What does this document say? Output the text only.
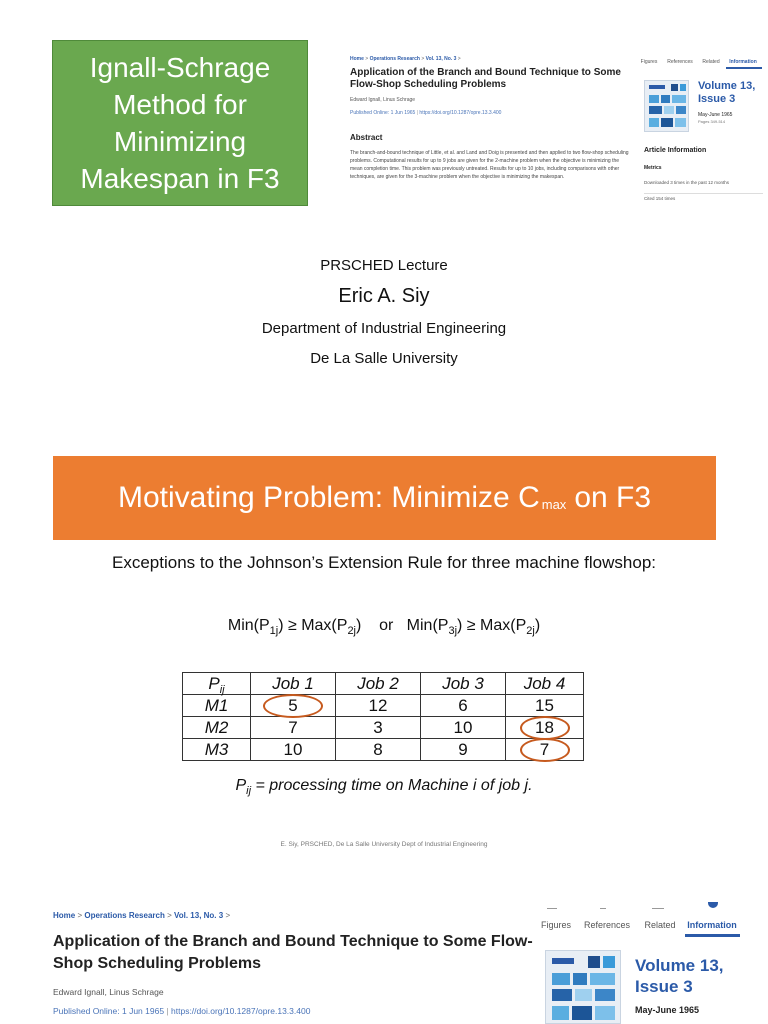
Ignall-Schrage
Method for
Minimizing
Makespan in F3
Home > Operations Research > Vol. 13, No. 3 >
Application of the Branch and Bound Technique to Some Flow-Shop Scheduling Problems
Edward Ignall, Linus Schrage
Published Online: 1 Jun 1965 | https://doi.org/10.1287/opre.13.3.400
Abstract
The branch-and-bound technique of Little, et al. and Land and Doig is presented and then applied to two flow-shop scheduling problems. Computational results for up to 9 jobs are given for the 2-machine problem when the objective is minimizing the mean completion time. This problem was previously untreated. Results for up to 10 jobs, including comparisons with other techniques, are given for the 3-machine problem when the objective is minimizing the makespan.
Figures	References	Related	Information
Volume 13,
Issue 3
May-June 1965
Pages 349-514
Article Information
Metrics
Downloaded 3 times in the past 12 months
Cited 154 times
PRSCHED Lecture
Eric A. Siy
Department of Industrial Engineering
De La Salle University
Motivating Problem: Minimize C max on F3
Exceptions to the Johnson’s Extension Rule for three machine flowshop:
$Min(P_{1j}) \ge Max(P_{2j})$    or   $Min(P_{3j}) \ge Max(P_{2j})$
$P_{ij}$	Job 1	Job 2	Job 3	Job 4
M1	5	12	6	15
M2	7	3	10	18
M3	10	8	9	7
$P_{ij}$ = processing time on Machine i of job j.
E. Siy, PRSCHED, De La Salle University Dept of Industrial Engineering
Home > Operations Research > Vol. 13, No. 3 >
Application of the Branch and Bound Technique to Some Flow-Shop Scheduling Problems
Edward Ignall, Linus Schrage
Published Online: 1 Jun 1965 | https://doi.org/10.1287/opre.13.3.400
Figures	References	Related	Information
Volume 13,
Issue 3
May-June 1965
